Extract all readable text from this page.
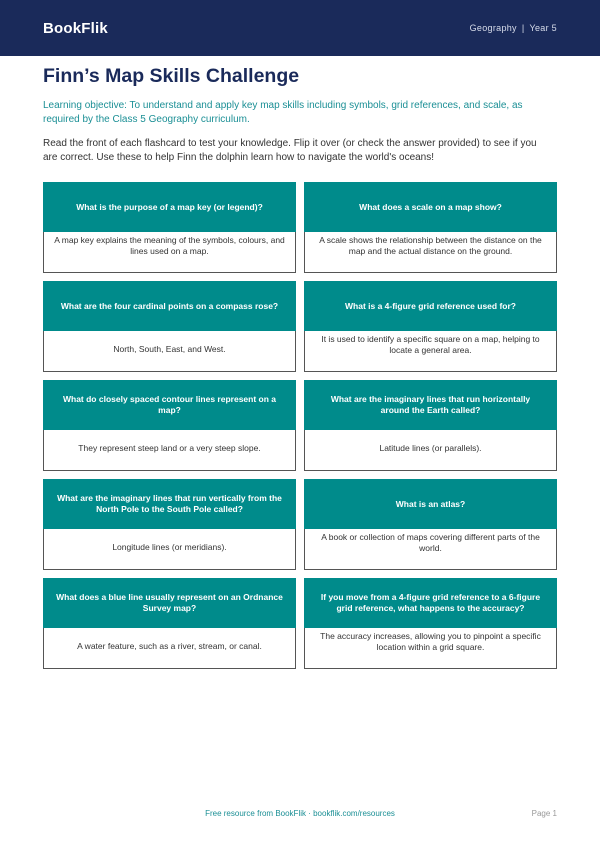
BookFlik	Geography | Year 5
Finn’s Map Skills Challenge

Learning objective: To understand and apply key map skills including symbols, grid references, and scale, as required by the Class 5 Geography curriculum.

Read the front of each flashcard to test your knowledge. Flip it over (or check the answer provided) to see if you are correct. Use these to help Finn the dolphin learn how to navigate the world's oceans!

What is the purpose of a map key (or legend)?
A map key explains the meaning of the symbols, colours, and lines used on a map.
What does a scale on a map show?
A scale shows the relationship between the distance on the map and the actual distance on the ground.
What are the four cardinal points on a compass rose?
North, South, East, and West.
What is a 4-figure grid reference used for?
It is used to identify a specific square on a map, helping to locate a general area.
What do closely spaced contour lines represent on a map?
They represent steep land or a very steep slope.
What are the imaginary lines that run horizontally around the Earth called?
Latitude lines (or parallels).
What are the imaginary lines that run vertically from the North Pole to the South Pole called?
Longitude lines (or meridians).
What is an atlas?
A book or collection of maps covering different parts of the world.
What does a blue line usually represent on an Ordnance Survey map?
A water feature, such as a river, stream, or canal.
If you move from a 4-figure grid reference to a 6-figure grid reference, what happens to the accuracy?
The accuracy increases, allowing you to pinpoint a specific location within a grid square.
Free resource from BookFlik · bookflik.com/resources	Page 1
